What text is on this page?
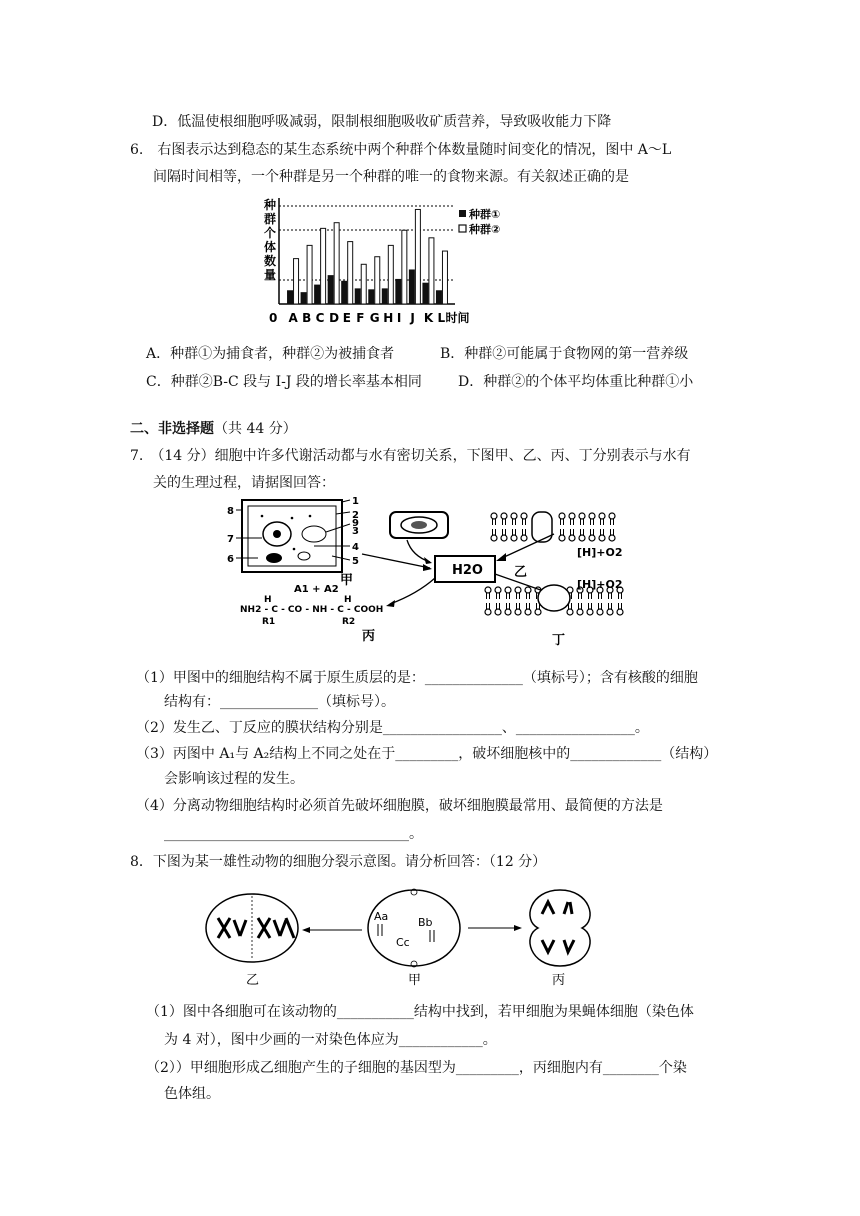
D．低温使根细胞呼吸减弱，限制根细胞吸收矿质营养，导致吸收能力下降
6.　右图表示达到稳态的某生态系统中两个种群个体数量随时间变化的情况，图中 A～L
间隔时间相等，一个种群是另一个种群的唯一的食物来源。有关叙述正确的是
种
群
个
体
数
量
0 A B C D E F G H I J K L 时间
种群①
种群②
A．种群①为捕食者，种群②为被捕食者	B．种群②可能属于食物网的第一营养级
C．种群②B-C 段与 I-J 段的增长率基本相同	D．种群②的个体平均体重比种群①小
二、非选择题（共 44 分）
7.　（14 分）细胞中许多代谢活动都与水有密切关系，下图甲、乙、丙、丁分别表示与水有
关的生理过程，请据图回答：
1
2
9
3
4
5
8
7
6
甲
H2O
[H]+O2
乙
[H]+O2
丁
A1 + A2
H	H
NH2 - C - CO - NH - C - COOH
R1	R2
丙
（1）甲图中的细胞结构不属于原生质层的是：______________（填标号）；含有核酸的细胞
结构有：______________（填标号）。
（2）发生乙、丁反应的膜状结构分别是_________________、_________________。
（3）丙图中 A₁与 A₂结构上不同之处在于_________，破坏细胞核中的_____________（结构）
会影响该过程的发生。
（4）分离动物细胞结构时必须首先破坏细胞膜，破坏细胞膜最常用、最简便的方法是
___________________________________。
8．下图为某一雄性动物的细胞分裂示意图。请分析回答：（12 分）
乙
Aa	Bb
Cc
甲	丙
（1）图中各细胞可在该动物的___________结构中找到，若甲细胞为果蝇体细胞（染色体
为 4 对），图中少画的一对染色体应为____________。
（2））甲细胞形成乙细胞产生的子细胞的基因型为_________，丙细胞内有________个染
色体组。
